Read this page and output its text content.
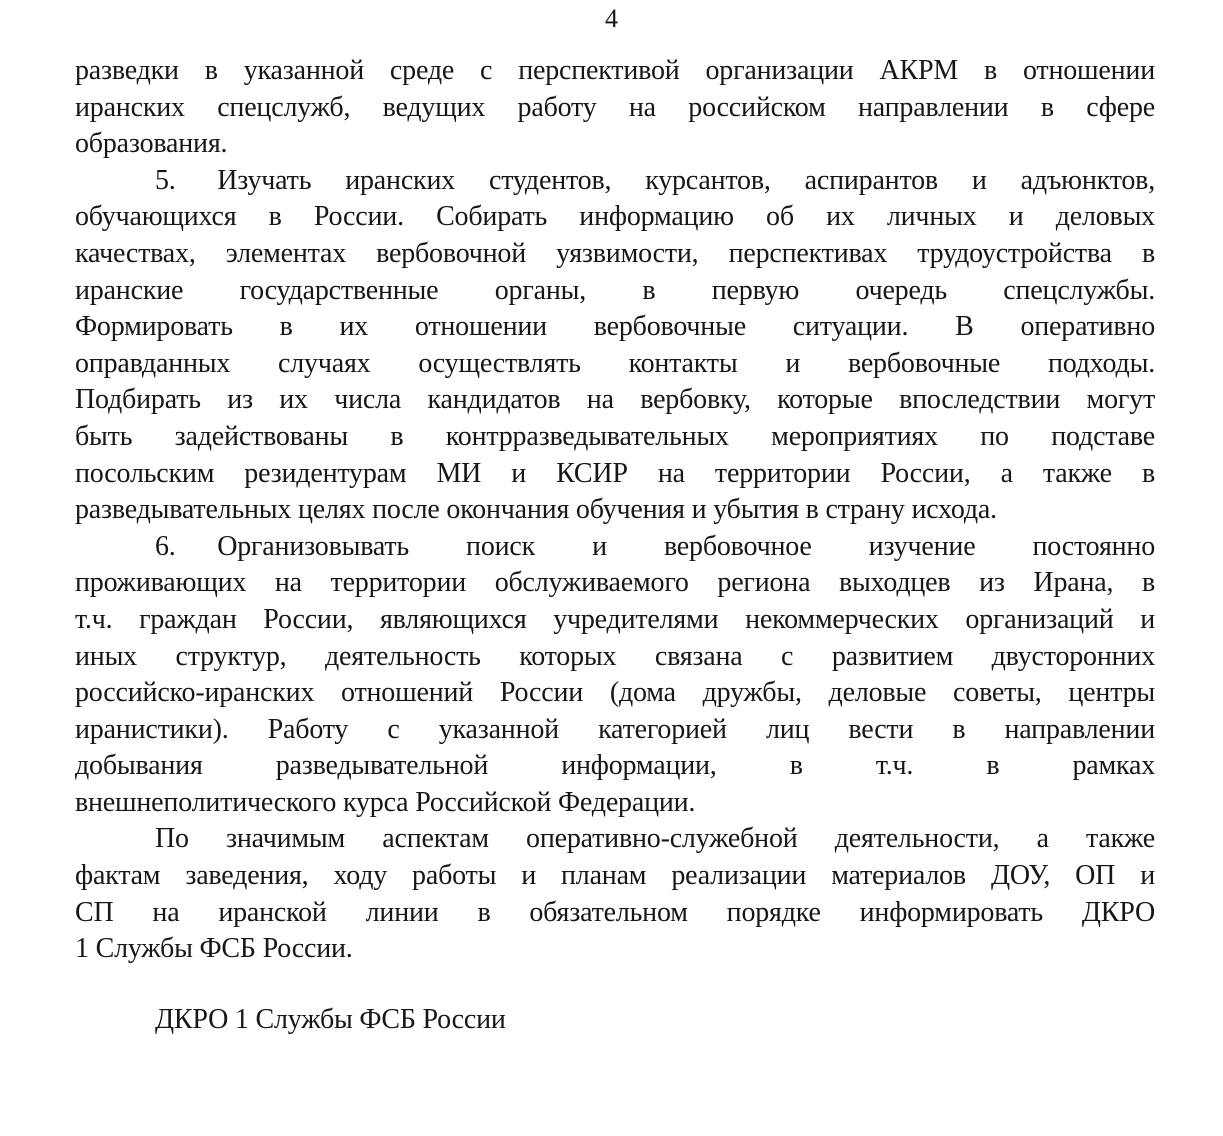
4
разведки в указанной среде с перспективой организации АКРМ в отношении
иранских спецслужб, ведущих работу на российском направлении в сфере
образования.
5.  Изучать иранских студентов, курсантов, аспирантов и адъюнктов,
обучающихся в России. Собирать информацию об их личных и деловых
качествах, элементах вербовочной уязвимости, перспективах трудоустройства в
иранские государственные органы, в первую очередь спецслужбы.
Формировать в их отношении вербовочные ситуации. В оперативно
оправданных случаях осуществлять контакты и вербовочные подходы.
Подбирать из их числа кандидатов на вербовку, которые впоследствии могут
быть задействованы в контрразведывательных мероприятиях по подставе
посольским резидентурам МИ и КСИР на территории России, а также в
разведывательных целях после окончания обучения и убытия в страну исхода.
6.  Организовывать поиск и вербовочное изучение постоянно
проживающих на территории обслуживаемого региона выходцев из Ирана, в
т.ч. граждан России, являющихся учредителями некоммерческих организаций и
иных структур, деятельность которых связана с развитием двусторонних
российско-иранских отношений России (дома дружбы, деловые советы, центры
иранистики). Работу с указанной категорией лиц вести в направлении
добывания разведывательной информации, в т.ч. в рамках
внешнеполитического курса Российской Федерации.
По значимым аспектам оперативно-служебной деятельности, а также
фактам заведения, ходу работы и планам реализации материалов ДОУ, ОП и
СП на иранской линии в обязательном порядке информировать ДКРО
1 Службы ФСБ России.
ДКРО 1 Службы ФСБ России
